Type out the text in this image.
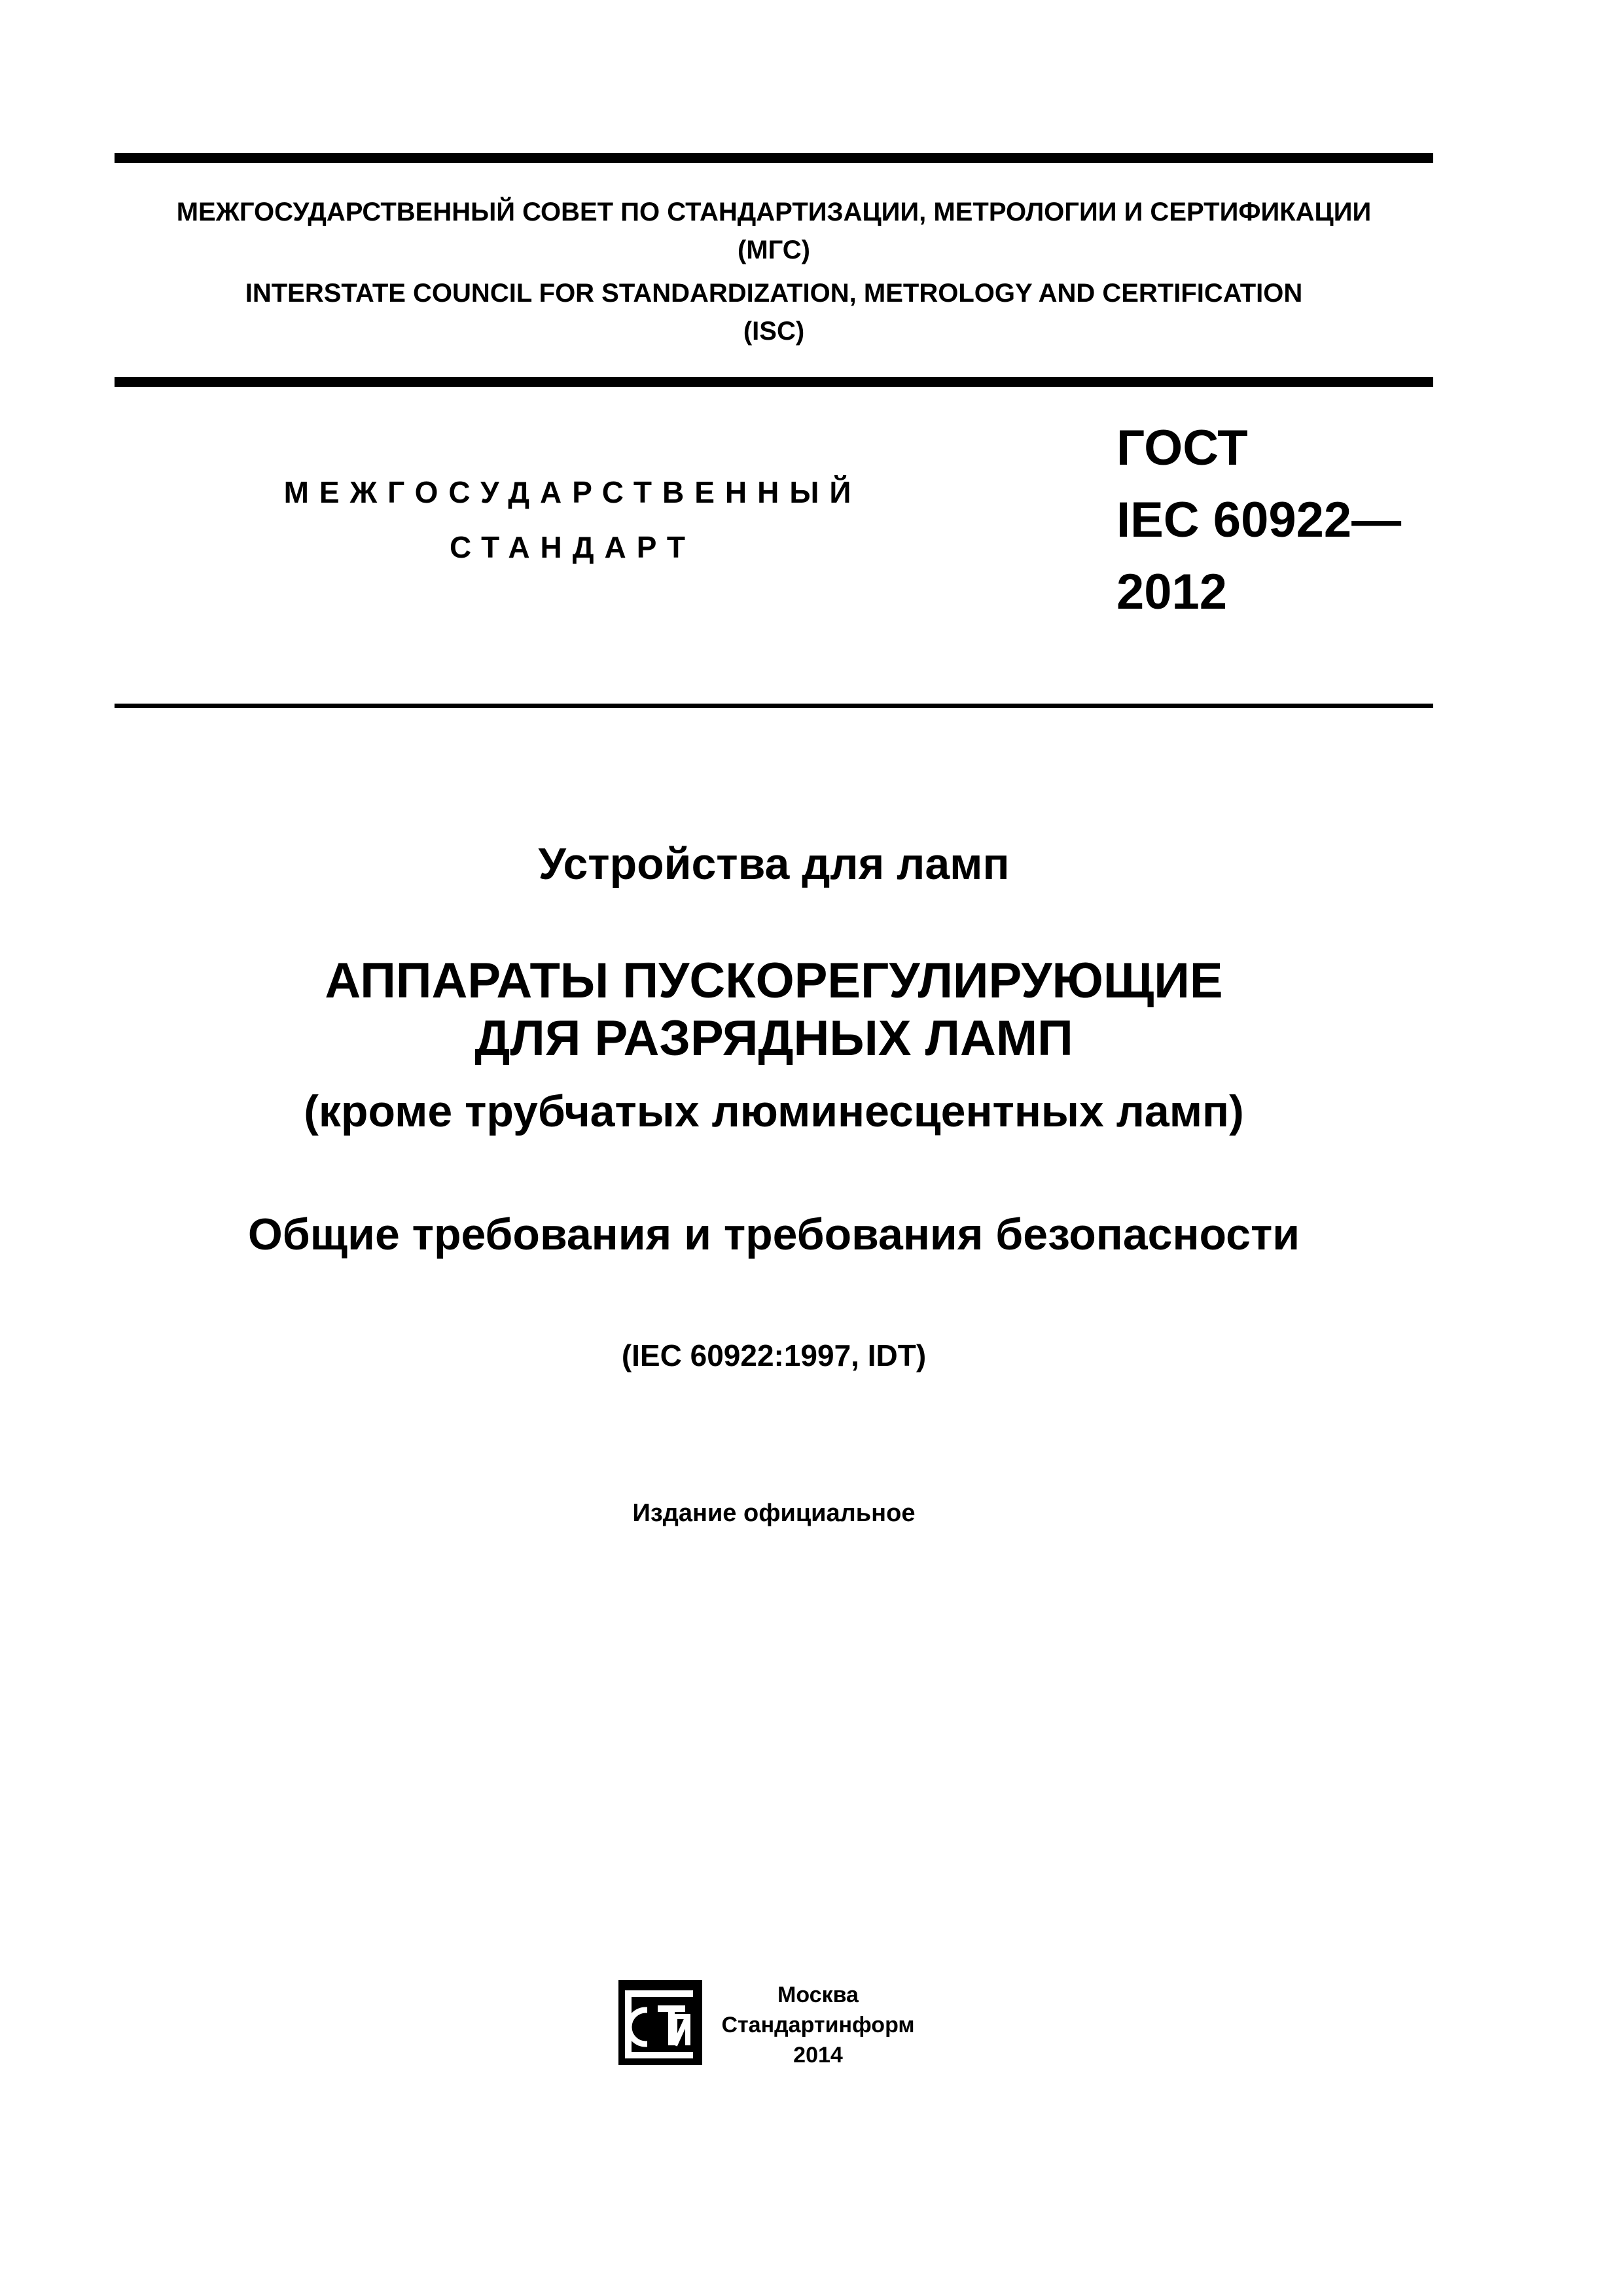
МЕЖГОСУДАРСТВЕННЫЙ СОВЕТ ПО СТАНДАРТИЗАЦИИ, МЕТРОЛОГИИ И СЕРТИФИКАЦИИ
(МГС)
INTERSTATE COUNCIL FOR STANDARDIZATION, METROLOGY AND CERTIFICATION
(ISC)
МЕЖГОСУДАРСТВЕННЫЙ
СТАНДАРТ
ГОСТ
IEC 60922—
2012
Устройства для ламп
АППАРАТЫ ПУСКОРЕГУЛИРУЮЩИЕ
ДЛЯ РАЗРЯДНЫХ ЛАМП
(кроме трубчатых люминесцентных ламп)
Общие требования и требования безопасности
(IEC 60922:1997, IDT)
Издание официальное
Москва
Стандартинформ
2014
